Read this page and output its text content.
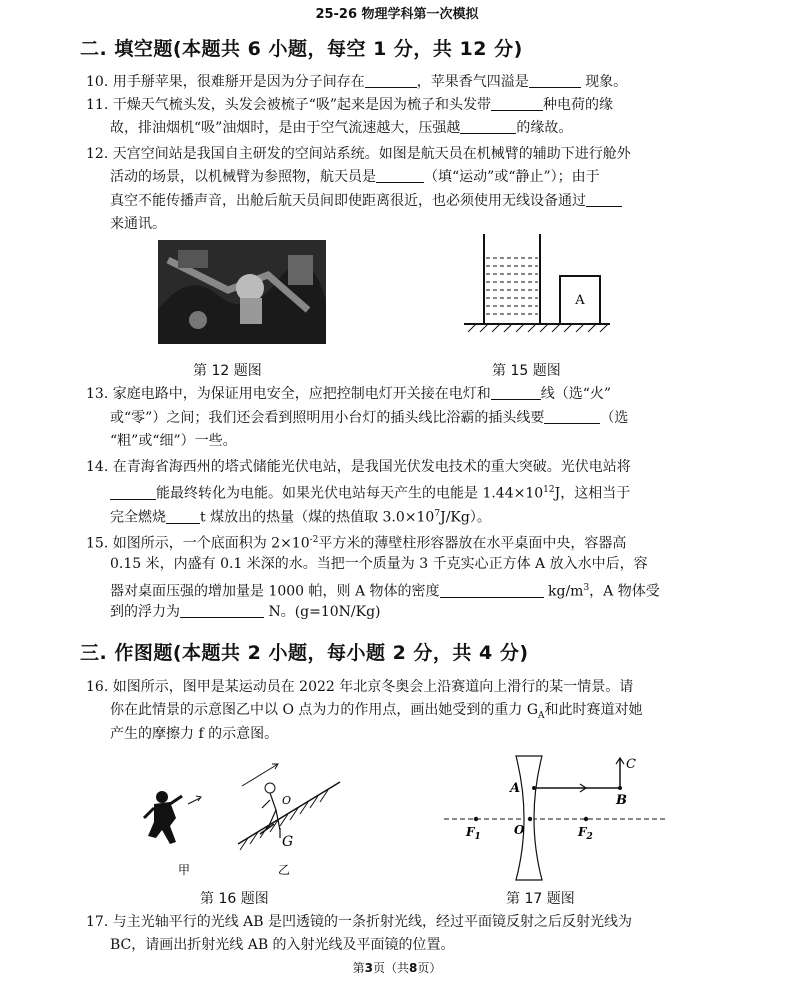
25-26 物理学科第一次模拟
二. 填空题(本题共 6 小题，每空 1 分，共 12 分)
10. 用手掰苹果，很难掰开是因为分子间存在	，苹果香气四溢是	现象。
11. 干燥天气梳头发，头发会被梳子“吸”起来是因为梳子和头发带	种电荷的缘
故，排油烟机“吸”油烟时，是由于空气流速越大，压强越	的缘故。
12. 天宫空间站是我国自主研发的空间站系统。如图是航天员在机械臂的辅助下进行舱外
活动的场景，以机械臂为参照物，航天员是	（填“运动”或“静止”）；由于
真空不能传播声音，出舱后航天员间即使距离很近，也必须使用无线设备通过
来通讯。
第 12 题图
A
第 15 题图
13. 家庭电路中，为保证用电安全，应把控制电灯开关接在电灯和	线（选“火”
或“零”）之间；我们还会看到照明用小台灯的插头线比浴霸的插头线要	（选
“粗”或“细”）一些。
14. 在青海省海西州的塔式储能光伏电站，是我国光伏发电技术的重大突破。光伏电站将
能最终转化为电能。如果光伏电站每天产生的电能是 $1.44\times 10^{12}J$，这相当于
完全燃烧 t 煤放出的热量（煤的热值取 $3.0\times 10^7J/Kg$）。
15. 如图所示，一个底面积为 $2\times 10^{-2}$平方米的薄壁柱形容器放在水平桌面中央，容器高
0.15 米，内盛有 0.1 米深的水。当把一个质量为 3 千克实心正方体 A 放入水中后，容
器对桌面压强的增加量是 1000 帕，则 A 物体的密度	$kg/m^3$，A 物体受
到的浮力为	N。(g=10N/Kg)
三. 作图题(本题共 2 小题，每小题 2 分，共 4 分)
16. 如图所示，图甲是某运动员在 2022 年北京冬奥会上沿赛道向上滑行的某一情景。请
你在此情景的示意图乙中以 O 点为力的作用点，画出她受到的重力 $G_A$和此时赛道对她
产生的摩擦力 f 的示意图。
甲
O
G
乙
第 16 题图
A
B
C
O
$F_1$	$F_2$
第 17 题图
17. 与主光轴平行的光线 AB 是凹透镜的一条折射光线，经过平面镜反射之后反射光线为
BC，请画出折射光线 AB 的入射光线及平面镜的位置。
第3页（共8页）
